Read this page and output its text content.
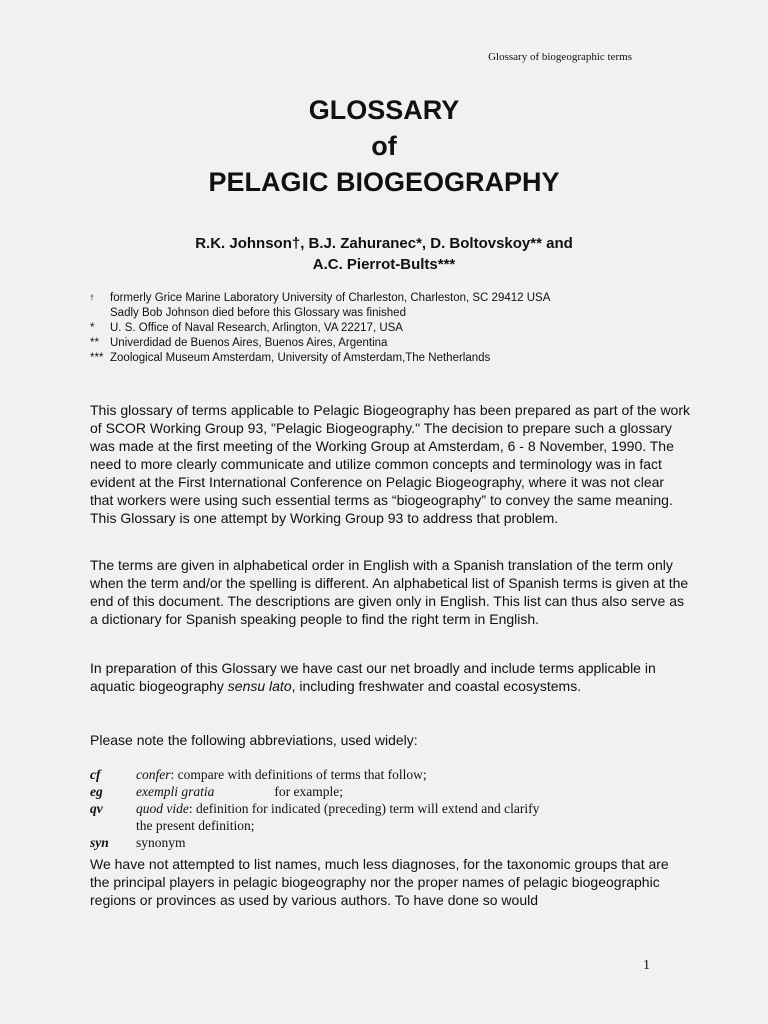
Glossary of biogeographic terms
GLOSSARY
of
PELAGIC BIOGEOGRAPHY
R.K. Johnson†, B.J. Zahuranec*, D. Boltovskoy** and
A.C. Pierrot-Bults***
†	formerly Grice Marine Laboratory University of Charleston, Charleston, SC 29412 USA
Sadly Bob Johnson died before this Glossary was finished
*	U. S. Office of Naval Research, Arlington, VA 22217, USA
** Univerdidad de Buenos Aires, Buenos Aires, Argentina
*** Zoological Museum Amsterdam, University of Amsterdam,The Netherlands

This glossary of terms applicable to Pelagic Biogeography has been prepared as part of the work of SCOR Working Group 93, "Pelagic Biogeography." The decision to prepare such a glossary was made at the first meeting of the Working Group at Amsterdam, 6 - 8 November, 1990. The need to more clearly communicate and utilize common concepts and terminology was in fact evident at the First International Conference on Pelagic Biogeography, where it was not clear that workers were using such essential terms as “biogeography” to convey the same meaning. This Glossary is one attempt by Working Group 93 to address that problem.

The terms are given in alphabetical order in English with a Spanish translation of the term only when the term and/or the spelling is different. An alphabetical list of Spanish terms is given at the end of this document. The descriptions are given only in English. This list can thus also serve as a dictionary for Spanish speaking people to find the right term in English.

In preparation of this Glossary we have cast our net broadly and include terms applicable in aquatic biogeography sensu lato, including freshwater and coastal ecosystems.

Please note the following abbreviations, used widely:

cf	confer: compare with definitions of terms that follow;
eg	exempli gratia	for example;
qv	quod vide: definition for indicated (preceding) term will extend and clarify
the present definition;
syn	synonym

We have not attempted to list names, much less diagnoses, for the taxonomic groups that are the principal players in pelagic biogeography nor the proper names of pelagic biogeographic regions or provinces as used by various authors. To have done so would

1
